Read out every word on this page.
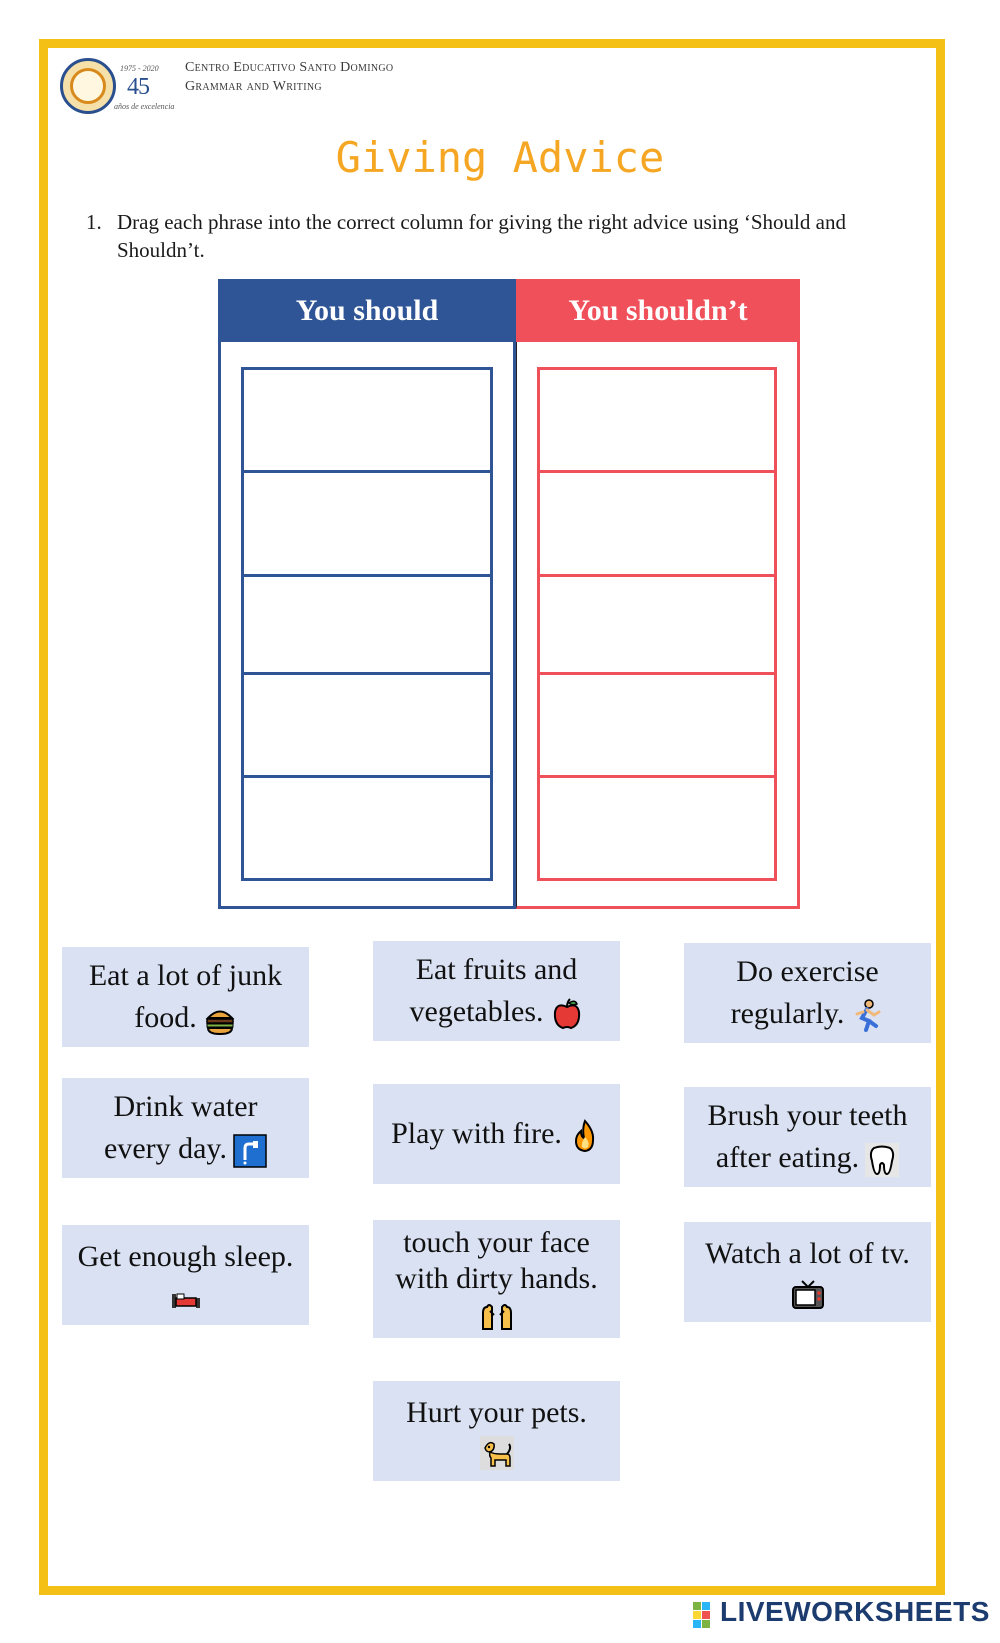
1975 - 2020
45
años de excelencia
Centro Educativo Santo Domingo
Grammar and Writing
Giving Advice
1. Drag each phrase into the correct column for giving the right advice using ‘Should and Shouldn’t.
You should	You shouldn’t
Eat a lot of junk
food.
Eat fruits and
vegetables.
Do exercise
regularly.
Drink water
every day.	Play with fire.
Brush your teeth
after eating.
Get enough sleep.	touch your face
with dirty hands.
Watch a lot of tv.
Hurt your pets.
LIVEWORKSHEETS
